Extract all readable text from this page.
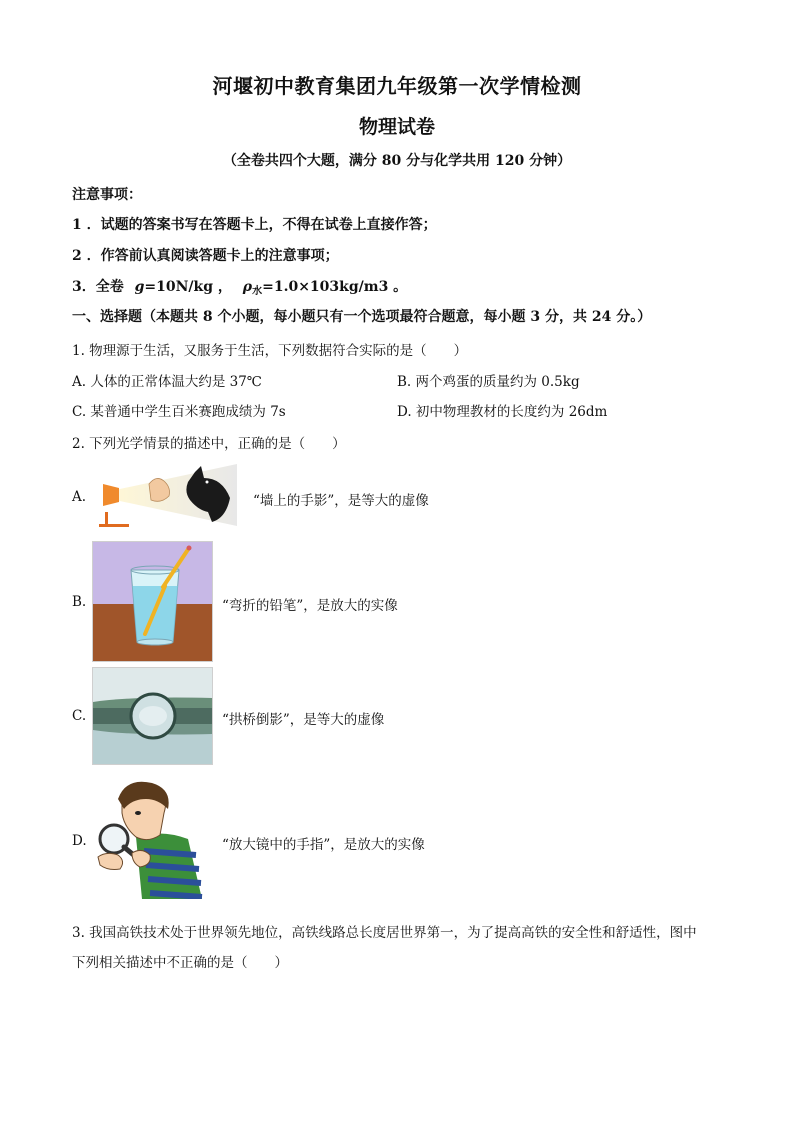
河堰初中教育集团九年级第一次学情检测
物理试卷
（全卷共四个大题，满分 80 分与化学共用 120 分钟）
注意事项：
1 ．试题的答案书写在答题卡上，不得在试卷上直接作答；
2 ．作答前认真阅读答题卡上的注意事项；
3．全卷 g=10N/kg ， $\rho_水=1.0\times 103kg/m3$ 。
一、选择题（本题共 8 个小题，每小题只有一个选项最符合题意，每小题 3 分，共 24 分。）
1. 物理源于生活，又服务于生活，下列数据符合实际的是（　　）
A. 人体的正常体温大约是 37℃	B. 两个鸡蛋的质量约为 0.5kg
C. 某普通中学生百米赛跑成绩为 7s	D. 初中物理教材的长度约为 26dm
2. 下列光学情景的描述中，正确的是（　　）
A.	“墙上的手影”，是等大的虚像
B.	“弯折的铅笔”，是放大的实像
C.	“拱桥倒影”，是等大的虚像
D.	“放大镜中的手指”，是放大的实像
3. 我国高铁技术处于世界领先地位，高铁线路总长度居世界第一，为了提高高铁的安全性和舒适性，图中
下列相关描述中不正确的是（　　）
